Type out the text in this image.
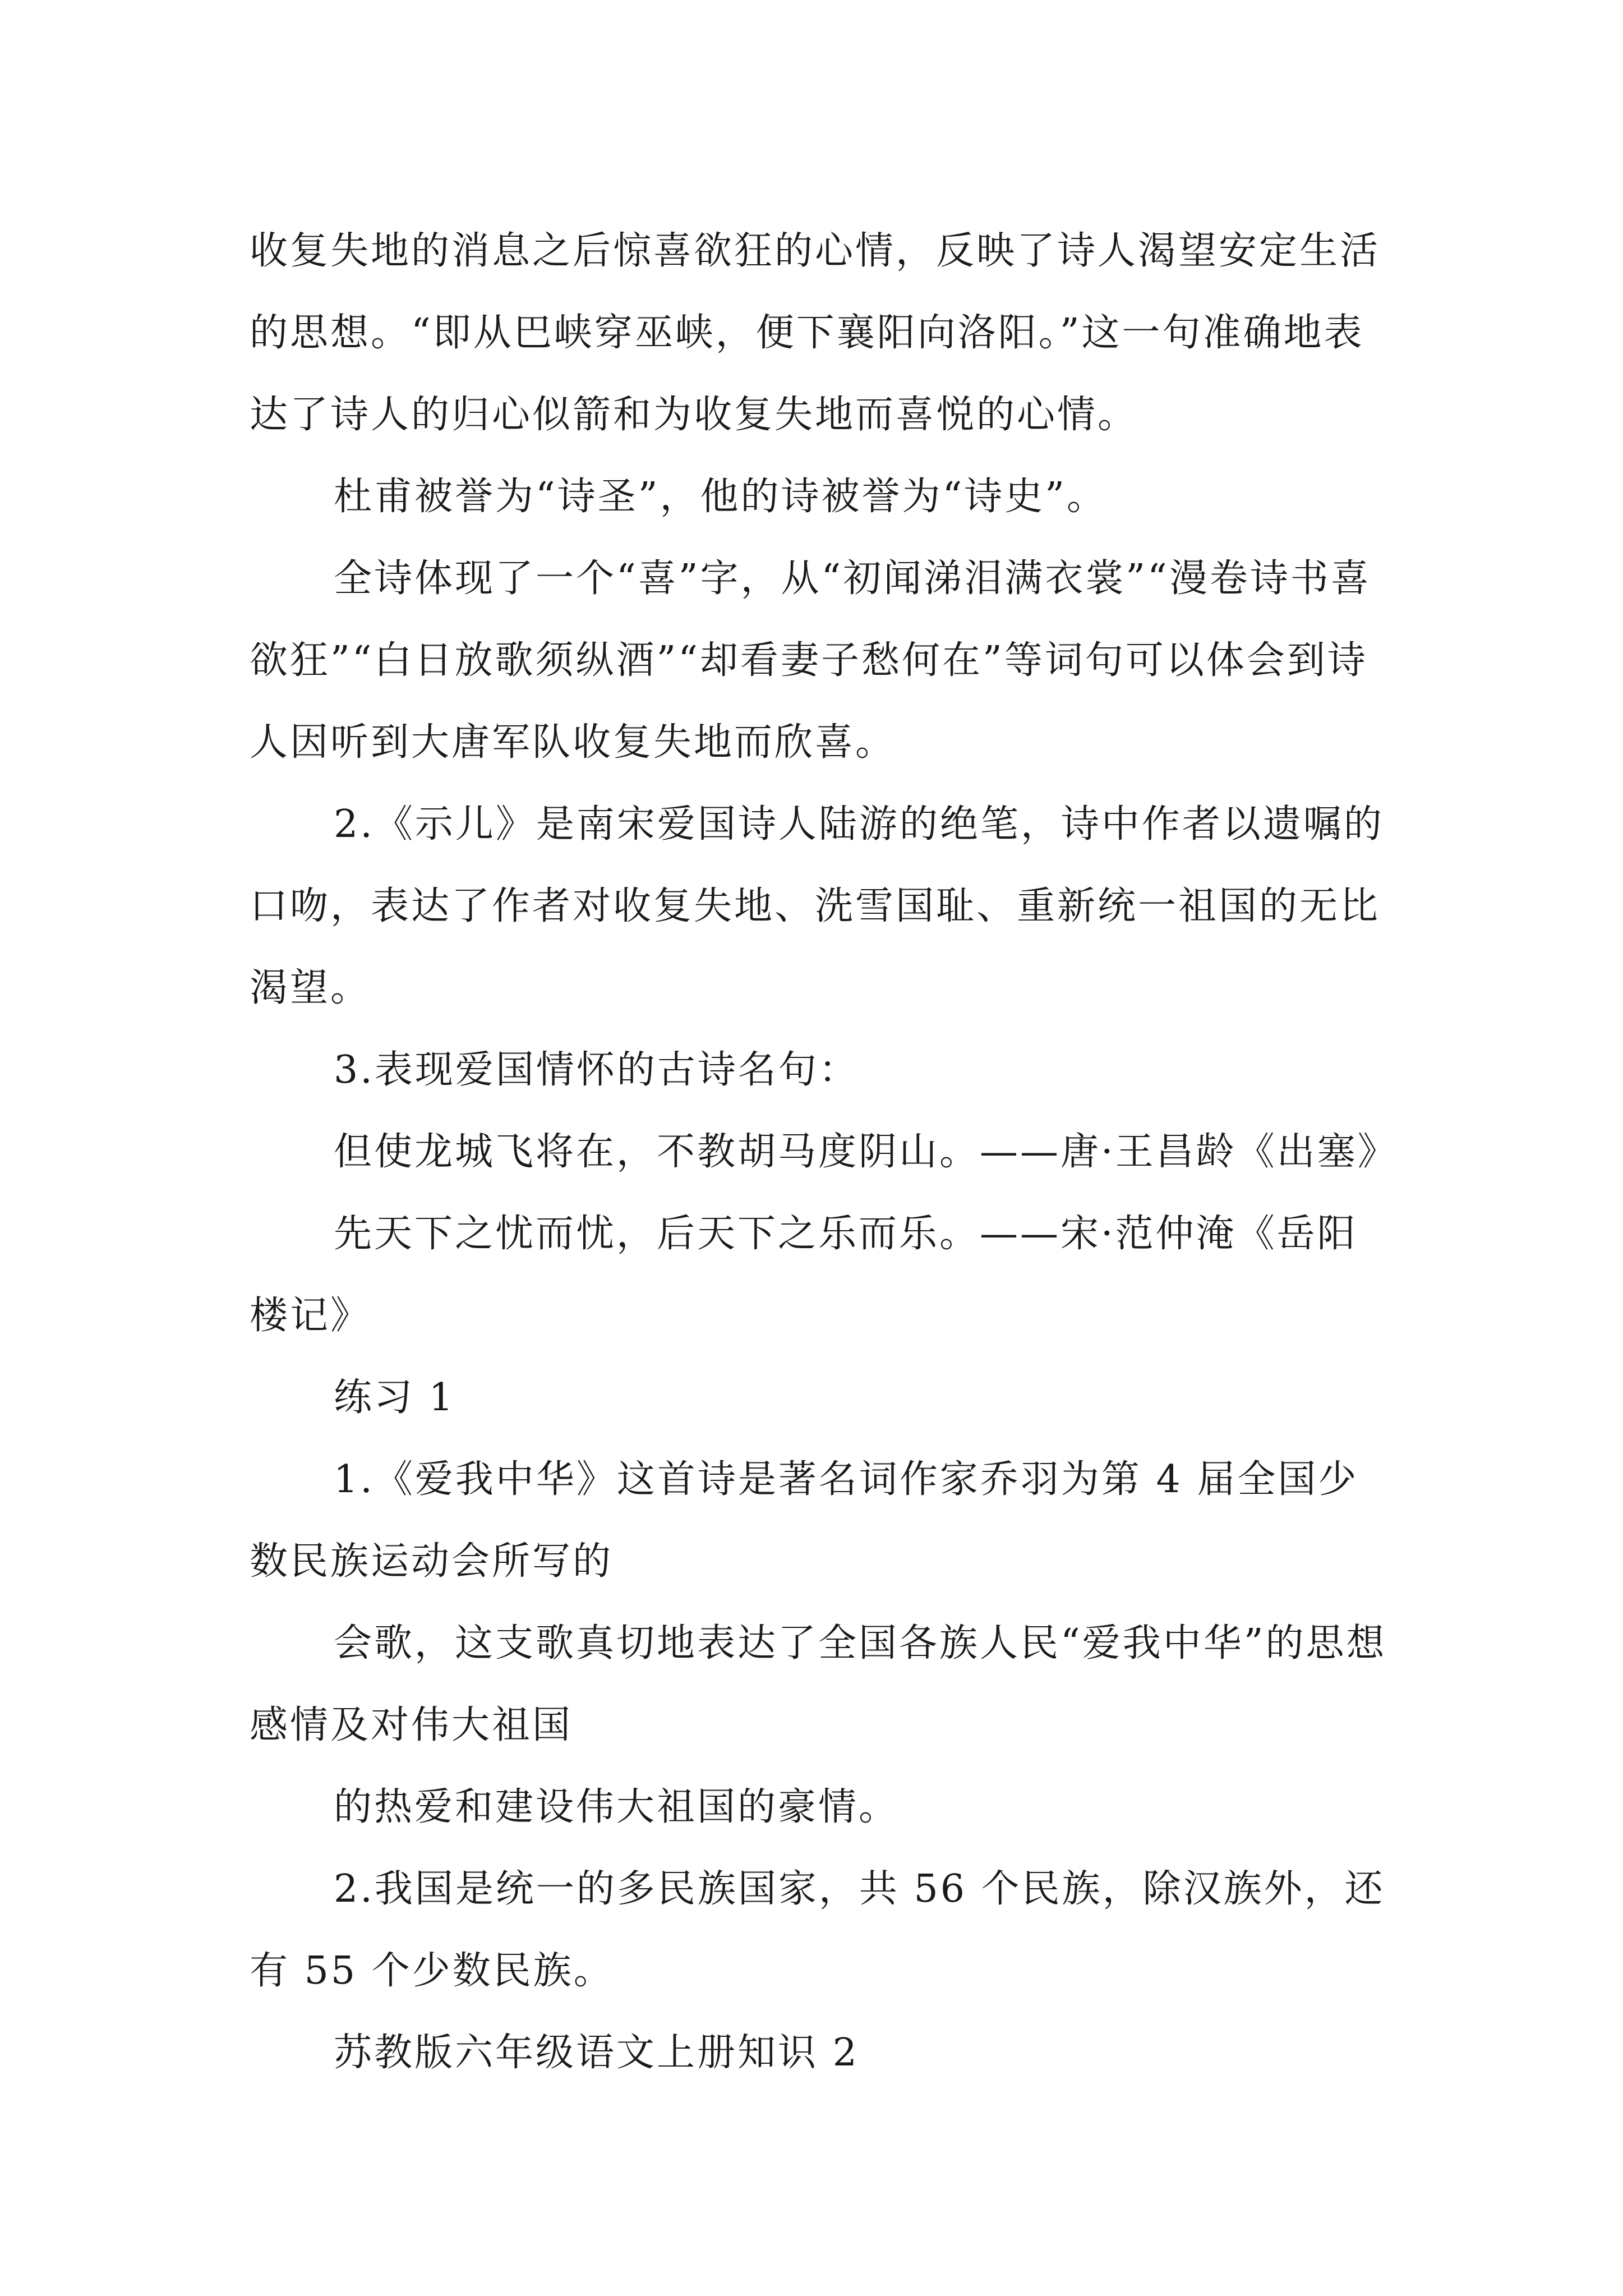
收复失地的消息之后惊喜欲狂的心情，反映了诗人渴望安定生活的思想。“即从巴峡穿巫峡，便下襄阳向洛阳。”这一句准确地表达了诗人的归心似箭和为收复失地而喜悦的心情。

杜甫被誉为“诗圣”，他的诗被誉为“诗史”。

全诗体现了一个“喜”字，从“初闻涕泪满衣裳”“漫卷诗书喜欲狂”“白日放歌须纵酒”“却看妻子愁何在”等词句可以体会到诗人因听到大唐军队收复失地而欣喜。

2.《示儿》是南宋爱国诗人陆游的绝笔，诗中作者以遗嘱的口吻，表达了作者对收复失地、洗雪国耻、重新统一祖国的无比渴望。

3.表现爱国情怀的古诗名句：

但使龙城飞将在，不教胡马度阴山。——唐·王昌龄《出塞》

先天下之忧而忧，后天下之乐而乐。——宋·范仲淹《岳阳楼记》

练习 1

1.《爱我中华》这首诗是著名词作家乔羽为第 4 届全国少数民族运动会所写的

会歌，这支歌真切地表达了全国各族人民“爱我中华”的思想感情及对伟大祖国

的热爱和建设伟大祖国的豪情。

2.我国是统一的多民族国家，共 56 个民族，除汉族外，还有 55 个少数民族。

苏教版六年级语文上册知识 2
